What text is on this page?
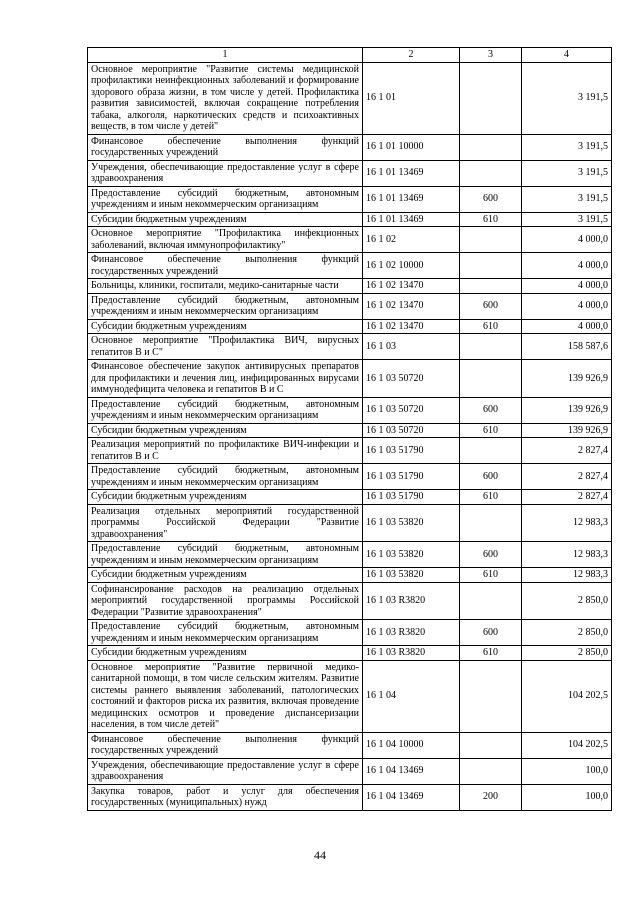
1	2	3	4
Основное мероприятие "Развитие системы медицинской профилактики неинфекционных заболеваний и формирование здорового образа жизни, в том числе у детей. Профилактика развития зависимостей, включая сокращение потребления табака, алкоголя, наркотических средств и психоактивных веществ, в том числе у детей"	16 1 01		3 191,5
Финансовое обеспечение выполнения функций государственных учреждений	16 1 01 10000		3 191,5
Учреждения, обеспечивающие предоставление услуг в сфере здравоохранения	16 1 01 13469		3 191,5
Предоставление субсидий бюджетным, автономным учреждениям и иным некоммерческим организациям	16 1 01 13469	600	3 191,5
Субсидии бюджетным учреждениям	16 1 01 13469	610	3 191,5
Основное мероприятие "Профилактика инфекционных заболеваний, включая иммунопрофилактику"	16 1 02		4 000,0
Финансовое обеспечение выполнения функций государственных учреждений	16 1 02 10000		4 000,0
Больницы, клиники, госпитали, медико-санитарные части	16 1 02 13470		4 000,0
Предоставление субсидий бюджетным, автономным учреждениям и иным некоммерческим организациям	16 1 02 13470	600	4 000,0
Субсидии бюджетным учреждениям	16 1 02 13470	610	4 000,0
Основное мероприятие "Профилактика ВИЧ, вирусных гепатитов В и С"	16 1 03		158 587,6
Финансовое обеспечение закупок антивирусных препаратов для профилактики и лечения лиц, инфицированных вирусами иммунодефицита человека и гепатитов В и С	16 1 03 50720		139 926,9
Предоставление субсидий бюджетным, автономным учреждениям и иным некоммерческим организациям	16 1 03 50720	600	139 926,9
Субсидии бюджетным учреждениям	16 1 03 50720	610	139 926,9
Реализация мероприятий по профилактике ВИЧ-инфекции и гепатитов В и С	16 1 03 51790		2 827,4
Предоставление субсидий бюджетным, автономным учреждениям и иным некоммерческим организациям	16 1 03 51790	600	2 827,4
Субсидии бюджетным учреждениям	16 1 03 51790	610	2 827,4
Реализация отдельных мероприятий государственной программы Российской Федерации "Развитие здравоохранения"	16 1 03 53820		12 983,3
Предоставление субсидий бюджетным, автономным учреждениям и иным некоммерческим организациям	16 1 03 53820	600	12 983,3
Субсидии бюджетным учреждениям	16 1 03 53820	610	12 983,3
Софинансирование расходов на реализацию отдельных мероприятий государственной программы Российской Федерации "Развитие здравоохранения"	16 1 03 R3820		2 850,0
Предоставление субсидий бюджетным, автономным учреждениям и иным некоммерческим организациям	16 1 03 R3820	600	2 850,0
Субсидии бюджетным учреждениям	16 1 03 R3820	610	2 850,0
Основное мероприятие "Развитие первичной медико-санитарной помощи, в том числе сельским жителям. Развитие системы раннего выявления заболеваний, патологических состояний и факторов риска их развития, включая проведение медицинских осмотров и проведение диспансеризации населения, в том числе детей"	16 1 04		104 202,5
Финансовое обеспечение выполнения функций государственных учреждений	16 1 04 10000		104 202,5
Учреждения, обеспечивающие предоставление услуг в сфере здравоохранения	16 1 04 13469		100,0
Закупка товаров, работ и услуг для обеспечения государственных (муниципальных) нужд	16 1 04 13469	200	100,0
44
